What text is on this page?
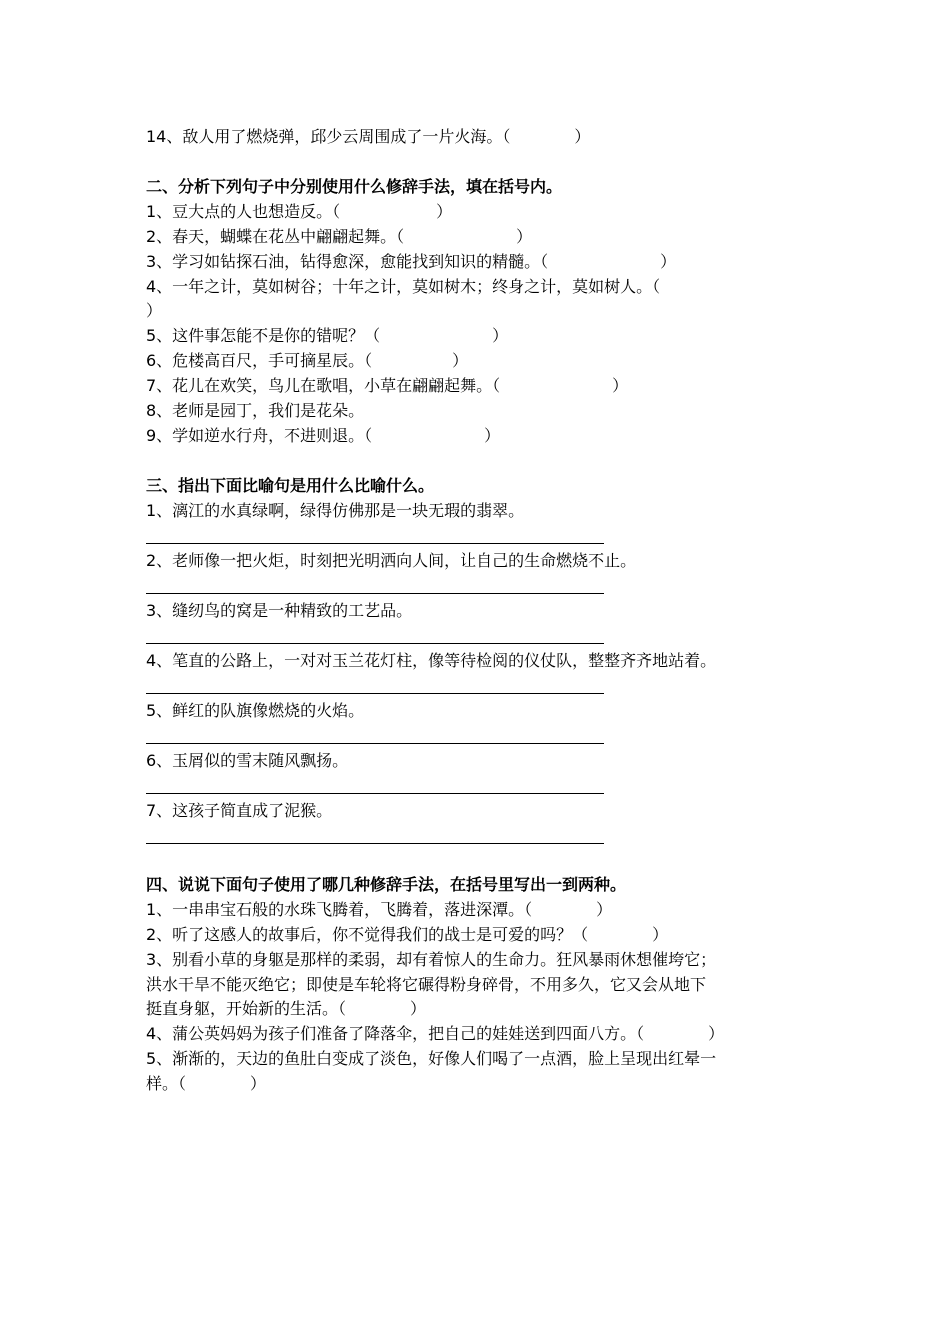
14、敌人用了燃烧弹，邱少云周围成了一片火海。（　　　　）

二、分析下列句子中分别使用什么修辞手法，填在括号内。

1、豆大点的人也想造反。（　　　　　　）

2、春天，蝴蝶在花丛中翩翩起舞。（　　　　　　　）

3、学习如钻探石油，钻得愈深，愈能找到知识的精髓。（　　　　　　　）

4、一年之计，莫如树谷；十年之计，莫如树木；终身之计，莫如树人。（

）

5、这件事怎能不是你的错呢？（　　　　　　　）

6、危楼高百尺，手可摘星辰。（　　　　　）

7、花儿在欢笑，鸟儿在歌唱，小草在翩翩起舞。（　　　　　　　）

8、老师是园丁，我们是花朵。

9、学如逆水行舟，不进则退。（　　　　　　　）

三、指出下面比喻句是用什么比喻什么。

1、漓江的水真绿啊，绿得仿佛那是一块无瑕的翡翠。

2、老师像一把火炬，时刻把光明洒向人间，让自己的生命燃烧不止。

3、缝纫鸟的窝是一种精致的工艺品。

4、笔直的公路上，一对对玉兰花灯柱，像等待检阅的仪仗队，整整齐齐地站着。

5、鲜红的队旗像燃烧的火焰。

6、玉屑似的雪末随风飘扬。

7、这孩子简直成了泥猴。

四、说说下面句子使用了哪几种修辞手法，在括号里写出一到两种。

1、一串串宝石般的水珠飞腾着，飞腾着，落进深潭。（　　　　）

2、听了这感人的故事后，你不觉得我们的战士是可爱的吗？（　　　　）

3、别看小草的身躯是那样的柔弱，却有着惊人的生命力。狂风暴雨休想催垮它；

洪水干旱不能灭绝它；即使是车轮将它碾得粉身碎骨，不用多久，它又会从地下

挺直身躯，开始新的生活。（　　　　）

4、蒲公英妈妈为孩子们准备了降落伞，把自己的娃娃送到四面八方。（　　　　）

5、渐渐的，天边的鱼肚白变成了淡色，好像人们喝了一点酒，脸上呈现出红晕一

样。（　　　　）
